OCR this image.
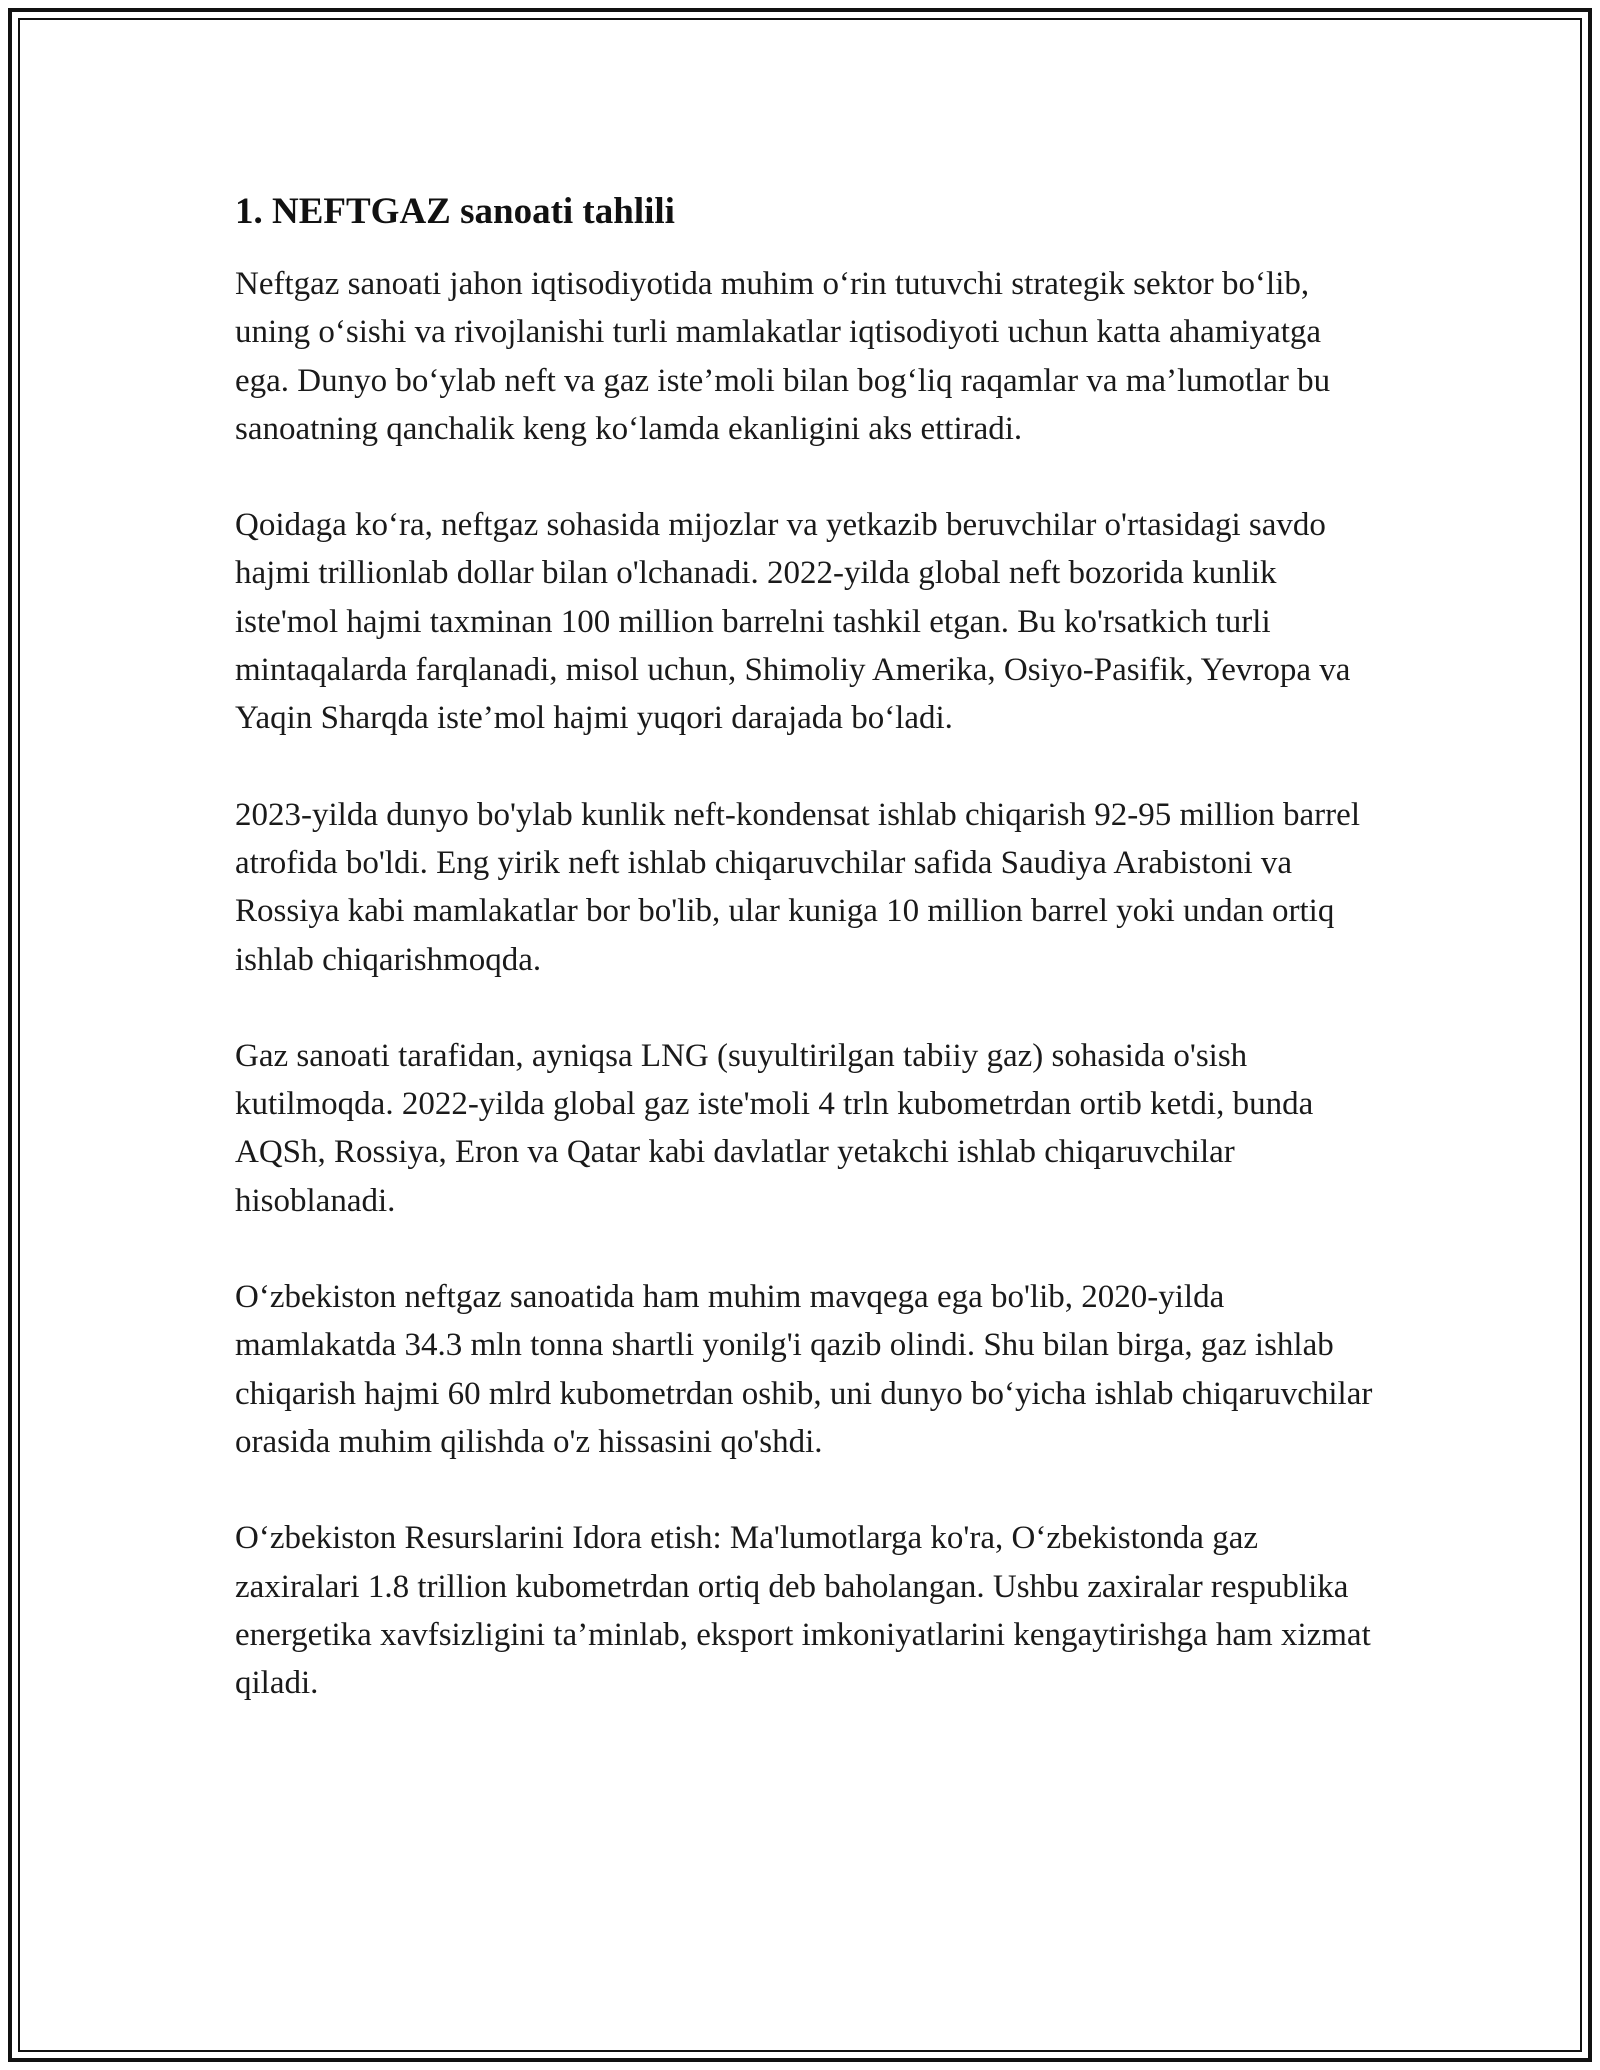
1. NEFTGAZ sanoati tahlili

Neftgaz sanoati jahon iqtisodiyotida muhim o‘rin tutuvchi strategik sektor bo‘lib, uning o‘sishi va rivojlanishi turli mamlakatlar iqtisodiyoti uchun katta ahamiyatga ega. Dunyo bo‘ylab neft va gaz iste’moli bilan bog‘liq raqamlar va ma’lumotlar bu sanoatning qanchalik keng ko‘lamda ekanligini aks ettiradi.

Qoidaga ko‘ra, neftgaz sohasida mijozlar va yetkazib beruvchilar o'rtasidagi savdo hajmi trillionlab dollar bilan o'lchanadi. 2022-yilda global neft bozorida kunlik iste'mol hajmi taxminan 100 million barrelni tashkil etgan. Bu ko'rsatkich turli mintaqalarda farqlanadi, misol uchun, Shimoliy Amerika, Osiyo-Pasifik, Yevropa va Yaqin Sharqda iste’mol hajmi yuqori darajada bo‘ladi.

2023-yilda dunyo bo'ylab kunlik neft-kondensat ishlab chiqarish 92-95 million barrel atrofida bo'ldi. Eng yirik neft ishlab chiqaruvchilar safida Saudiya Arabistoni va Rossiya kabi mamlakatlar bor bo'lib, ular kuniga 10 million barrel yoki undan ortiq ishlab chiqarishmoqda.

Gaz sanoati tarafidan, ayniqsa LNG (suyultirilgan tabiiy gaz) sohasida o'sish kutilmoqda. 2022-yilda global gaz iste'moli 4 trln kubometrdan ortib ketdi, bunda AQSh, Rossiya, Eron va Qatar kabi davlatlar yetakchi ishlab chiqaruvchilar hisoblanadi.

O‘zbekiston neftgaz sanoatida ham muhim mavqega ega bo'lib, 2020-yilda mamlakatda 34.3 mln tonna shartli yonilg'i qazib olindi. Shu bilan birga, gaz ishlab chiqarish hajmi 60 mlrd kubometrdan oshib, uni dunyo bo‘yicha ishlab chiqaruvchilar orasida muhim qilishda o'z hissasini qo'shdi.

O‘zbekiston Resurslarini Idora etish: Ma'lumotlarga ko'ra, O‘zbekistonda gaz zaxiralari 1.8 trillion kubometrdan ortiq deb baholangan. Ushbu zaxiralar respublika energetika xavfsizligini ta’minlab, eksport imkoniyatlarini kengaytirishga ham xizmat qiladi.
